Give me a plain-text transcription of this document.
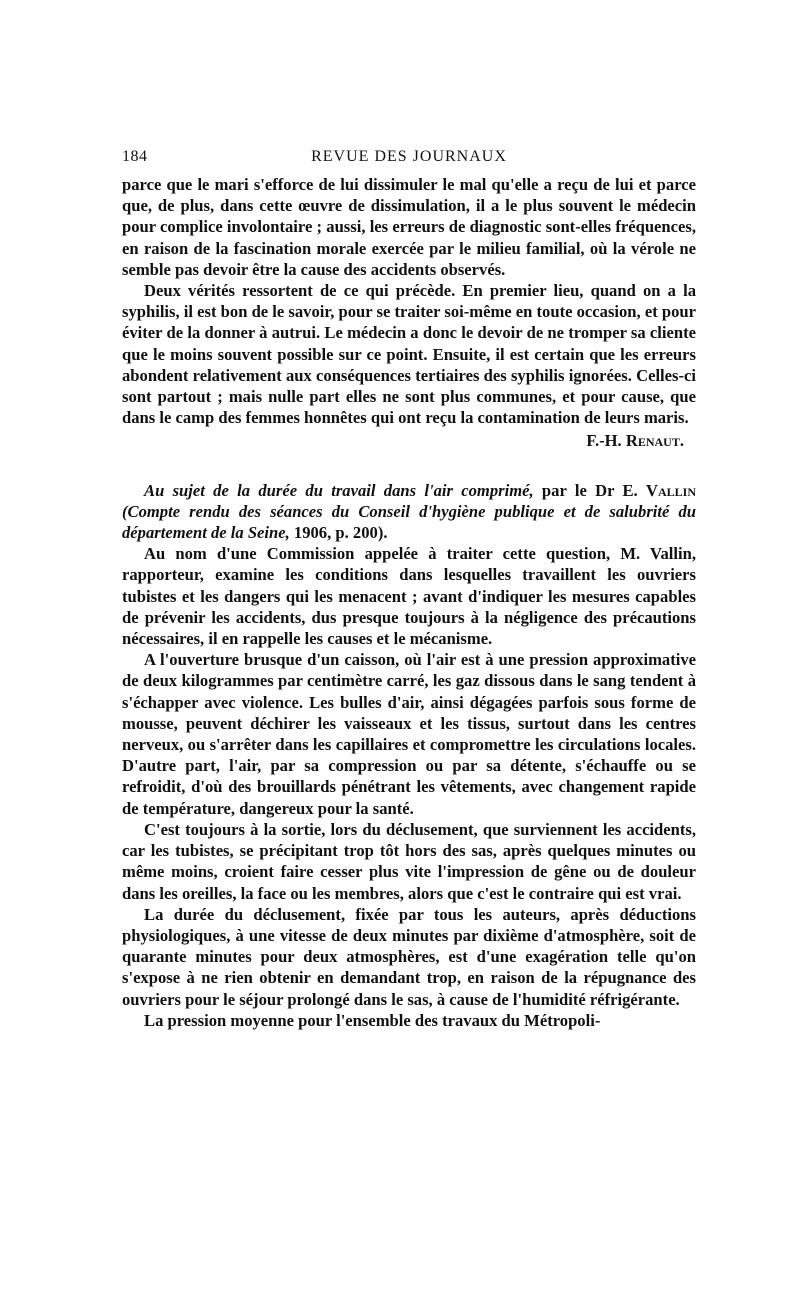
184	REVUE DES JOURNAUX

parce que le mari s'efforce de lui dissimuler le mal qu'elle a reçu de lui et parce que, de plus, dans cette œuvre de dissimulation, il a le plus souvent le médecin pour complice involontaire ; aussi, les erreurs de diagnostic sont-elles fréquences, en raison de la fascination morale exercée par le milieu familial, où la vérole ne semble pas devoir être la cause des accidents observés.

Deux vérités ressortent de ce qui précède. En premier lieu, quand on a la syphilis, il est bon de le savoir, pour se traiter soi-même en toute occasion, et pour éviter de la donner à autrui. Le médecin a donc le devoir de ne tromper sa cliente que le moins souvent possible sur ce point. Ensuite, il est certain que les erreurs abondent relativement aux conséquences tertiaires des syphilis ignorées. Celles-ci sont partout ; mais nulle part elles ne sont plus communes, et pour cause, que dans le camp des femmes honnêtes qui ont reçu la contamination de leurs maris.

F.-H. Renaut.

Au sujet de la durée du travail dans l'air comprimé, par le Dr E. Vallin (Compte rendu des séances du Conseil d'hygiène publique et de salubrité du département de la Seine, 1906, p. 200).

Au nom d'une Commission appelée à traiter cette question, M. Vallin, rapporteur, examine les conditions dans lesquelles travaillent les ouvriers tubistes et les dangers qui les menacent ; avant d'indiquer les mesures capables de prévenir les accidents, dus presque toujours à la négligence des précautions nécessaires, il en rappelle les causes et le mécanisme.

A l'ouverture brusque d'un caisson, où l'air est à une pression approximative de deux kilogrammes par centimètre carré, les gaz dissous dans le sang tendent à s'échapper avec violence. Les bulles d'air, ainsi dégagées parfois sous forme de mousse, peuvent déchirer les vaisseaux et les tissus, surtout dans les centres nerveux, ou s'arrêter dans les capillaires et compromettre les circulations locales. D'autre part, l'air, par sa compression ou par sa détente, s'échauffe ou se refroidit, d'où des brouillards pénétrant les vêtements, avec changement rapide de température, dangereux pour la santé.

C'est toujours à la sortie, lors du déclusement, que surviennent les accidents, car les tubistes, se précipitant trop tôt hors des sas, après quelques minutes ou même moins, croient faire cesser plus vite l'impression de gêne ou de douleur dans les oreilles, la face ou les membres, alors que c'est le contraire qui est vrai.

La durée du déclusement, fixée par tous les auteurs, après déductions physiologiques, à une vitesse de deux minutes par dixième d'atmosphère, soit de quarante minutes pour deux atmosphères, est d'une exagération telle qu'on s'expose à ne rien obtenir en demandant trop, en raison de la répugnance des ouvriers pour le séjour prolongé dans le sas, à cause de l'humidité réfrigérante.

La pression moyenne pour l'ensemble des travaux du Métropoli-
